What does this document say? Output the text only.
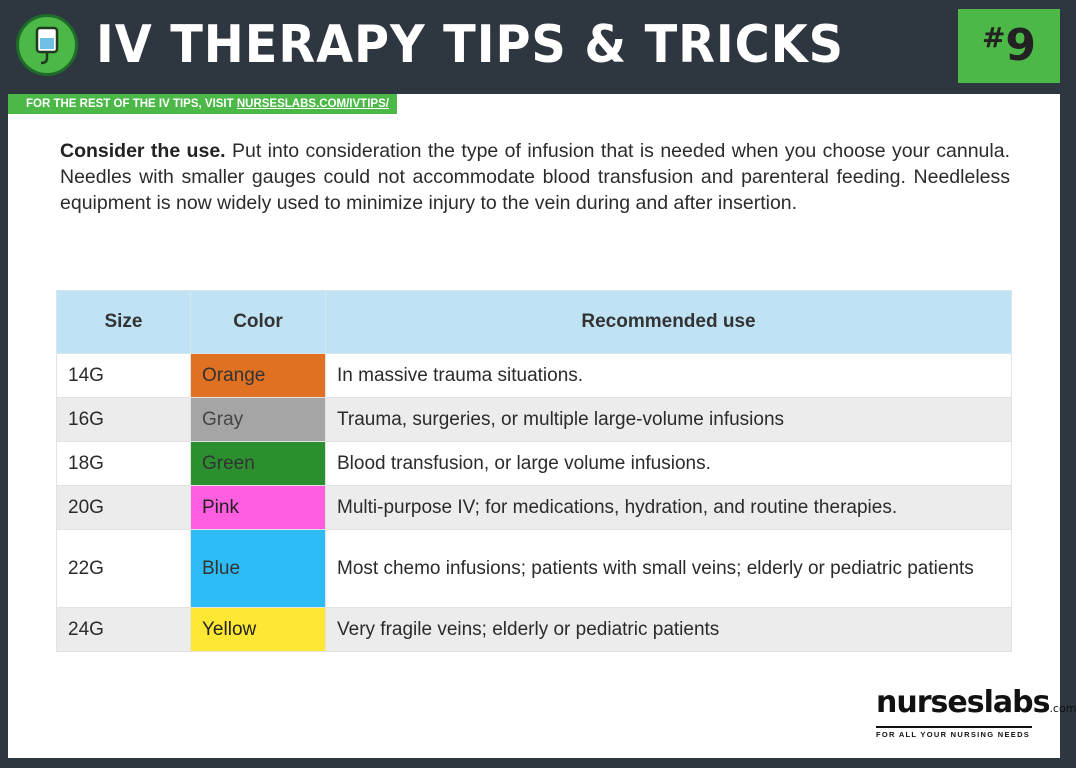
IV THERAPY TIPS & TRICKS	#9
Consider the use. Put into consideration the type of infusion that is needed when you choose your cannula. Needles with smaller gauges could not accommodate blood transfusion and parenteral feeding. Needleless equipment is now widely used to minimize injury to the vein during and after insertion.
Size	Color	Recommended use
14G	Orange	In massive trauma situations.
16G	Gray	Trauma, surgeries, or multiple large-volume infusions
18G	Green	Blood transfusion, or large volume infusions.
20G	Pink	Multi-purpose IV; for medications, hydration, and routine therapies.
22G	Blue	Most chemo infusions; patients with small veins; elderly or pediatric patients
24G	Yellow	Very fragile veins; elderly or pediatric patients
nurseslabs.com
FOR ALL YOUR NURSING NEEDS
FOR THE REST OF THE IV TIPS, VISIT NURSESLABS.COM/IVTIPS/
